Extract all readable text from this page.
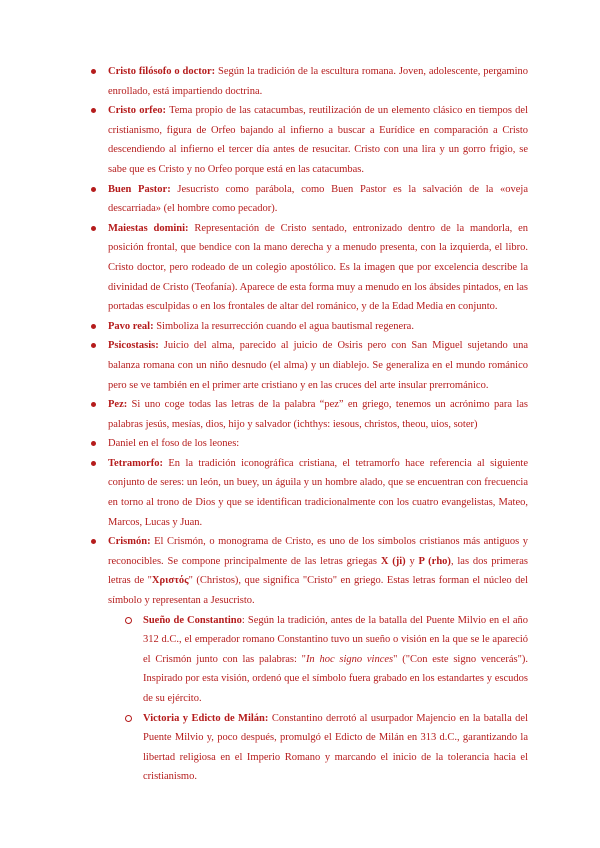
Cristo filósofo o doctor: Según la tradición de la escultura romana. Joven, adolescente, pergamino enrollado, está impartiendo doctrina.
Cristo orfeo: Tema propio de las catacumbas, reutilización de un elemento clásico en tiempos del cristianismo, figura de Orfeo bajando al infierno a buscar a Eurídice en comparación a Cristo descendiendo al infierno el tercer día antes de resucitar. Cristo con una lira y un gorro frigio, se sabe que es Cristo y no Orfeo porque está en las catacumbas.
Buen Pastor: Jesucristo como parábola, como Buen Pastor es la salvación de la «oveja descarriada» (el hombre como pecador).
Maiestas domini: Representación de Cristo sentado, entronizado dentro de la mandorla, en posición frontal, que bendice con la mano derecha y a menudo presenta, con la izquierda, el libro. Cristo doctor, pero rodeado de un colegio apostólico. Es la imagen que por excelencia describe la divinidad de Cristo (Teofanía). Aparece de esta forma muy a menudo en los ábsides pintados, en las portadas esculpidas o en los frontales de altar del románico, y de la Edad Media en conjunto.
Pavo real: Simboliza la resurrección cuando el agua bautismal regenera.
Psicostasis: Juicio del alma, parecido al juicio de Osiris pero con San Miguel sujetando una balanza romana con un niño desnudo (el alma) y un diablejo. Se generaliza en el mundo románico pero se ve también en el primer arte cristiano y en las cruces del arte insular prerrománico.
Pez: Si uno coge todas las letras de la palabra “pez” en griego, tenemos un acrónimo para las palabras jesús, mesías, dios, hijo y salvador (ichthys: iesous, christos, theou, uios, soter)
Daniel en el foso de los leones:
Tetramorfo: En la tradición iconográfica cristiana, el tetramorfo hace referencia al siguiente conjunto de seres: un león, un buey, un águila y un hombre alado, que se encuentran con frecuencia en torno al trono de Dios y que se identifican tradicionalmente con los cuatro evangelistas, Mateo, Marcos, Lucas y Juan.
Crismón: El Crismón, o monograma de Cristo, es uno de los símbolos cristianos más antiguos y reconocibles. Se compone principalmente de las letras griegas Χ (ji) y Ρ (rho), las dos primeras letras de "Χριστός" (Christos), que significa "Cristo" en griego. Estas letras forman el núcleo del símbolo y representan a Jesucristo.
Sueño de Constantino: Según la tradición, antes de la batalla del Puente Milvio en el año 312 d.C., el emperador romano Constantino tuvo un sueño o visión en la que se le apareció el Crismón junto con las palabras: "In hoc signo vinces" ("Con este signo vencerás"). Inspirado por esta visión, ordenó que el símbolo fuera grabado en los estandartes y escudos de su ejército.
Victoria y Edicto de Milán: Constantino derrotó al usurpador Majencio en la batalla del Puente Milvio y, poco después, promulgó el Edicto de Milán en 313 d.C., garantizando la libertad religiosa en el Imperio Romano y marcando el inicio de la tolerancia hacia el cristianismo.
